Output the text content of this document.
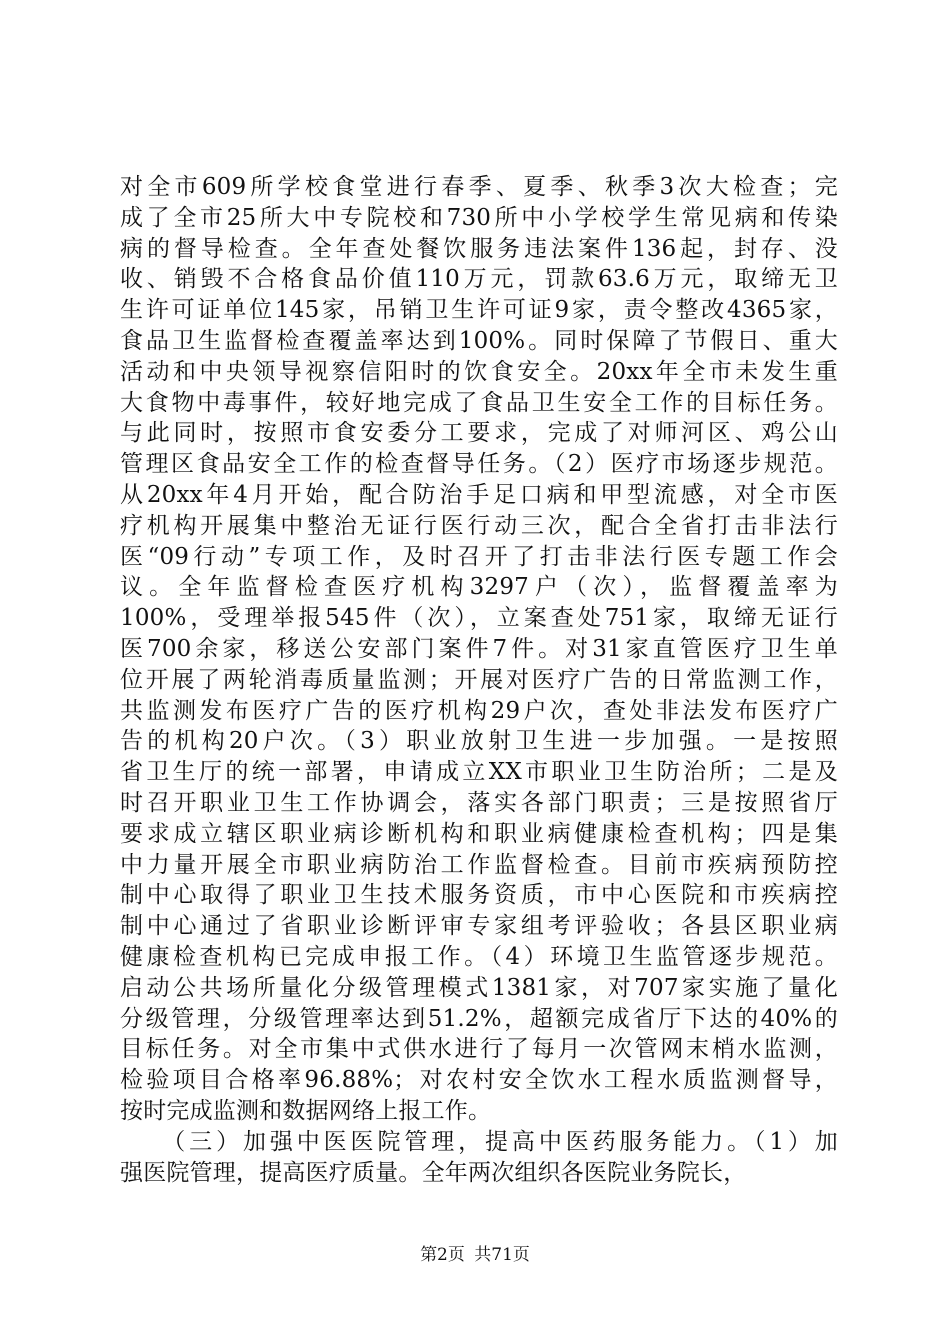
对全市609所学校食堂进行春季、夏季、秋季3次大检查；完
成了全市25所大中专院校和730所中小学校学生常见病和传染
病的督导检查。全年查处餐饮服务违法案件136起，封存、没
收、销毁不合格食品价值110万元，罚款63.6万元，取缔无卫
生许可证单位145家，吊销卫生许可证9家，责令整改4365家，
食品卫生监督检查覆盖率达到100%。同时保障了节假日、重大
活动和中央领导视察信阳时的饮食安全。20xx年全市未发生重
大食物中毒事件，较好地完成了食品卫生安全工作的目标任务。
与此同时，按照市食安委分工要求，完成了对师河区、鸡公山
管理区食品安全工作的检查督导任务。（2）医疗市场逐步规范。
从20xx年4月开始，配合防治手足口病和甲型流感，对全市医
疗机构开展集中整治无证行医行动三次，配合全省打击非法行
医“09行动”专项工作，及时召开了打击非法行医专题工作会
议。全年监督检查医疗机构3297户（次），监督覆盖率为
100%，受理举报545件（次），立案查处751家，取缔无证行
医700余家，移送公安部门案件7件。对31家直管医疗卫生单
位开展了两轮消毒质量监测；开展对医疗广告的日常监测工作，
共监测发布医疗广告的医疗机构29户次，查处非法发布医疗广
告的机构20户次。（3）职业放射卫生进一步加强。一是按照
省卫生厅的统一部署，申请成立XX市职业卫生防治所；二是及
时召开职业卫生工作协调会，落实各部门职责；三是按照省厅
要求成立辖区职业病诊断机构和职业病健康检查机构；四是集
中力量开展全市职业病防治工作监督检查。目前市疾病预防控
制中心取得了职业卫生技术服务资质，市中心医院和市疾病控
制中心通过了省职业诊断评审专家组考评验收；各县区职业病
健康检查机构已完成申报工作。（4）环境卫生监管逐步规范。
启动公共场所量化分级管理模式1381家，对707家实施了量化
分级管理，分级管理率达到51.2%，超额完成省厅下达的40%的
目标任务。对全市集中式供水进行了每月一次管网末梢水监测，
检验项目合格率96.88%；对农村安全饮水工程水质监测督导，
按时完成监测和数据网络上报工作。
　　（三）加强中医医院管理，提高中医药服务能力。（1）加
强医院管理，提高医疗质量。全年两次组织各医院业务院长，
第2页 共71页
